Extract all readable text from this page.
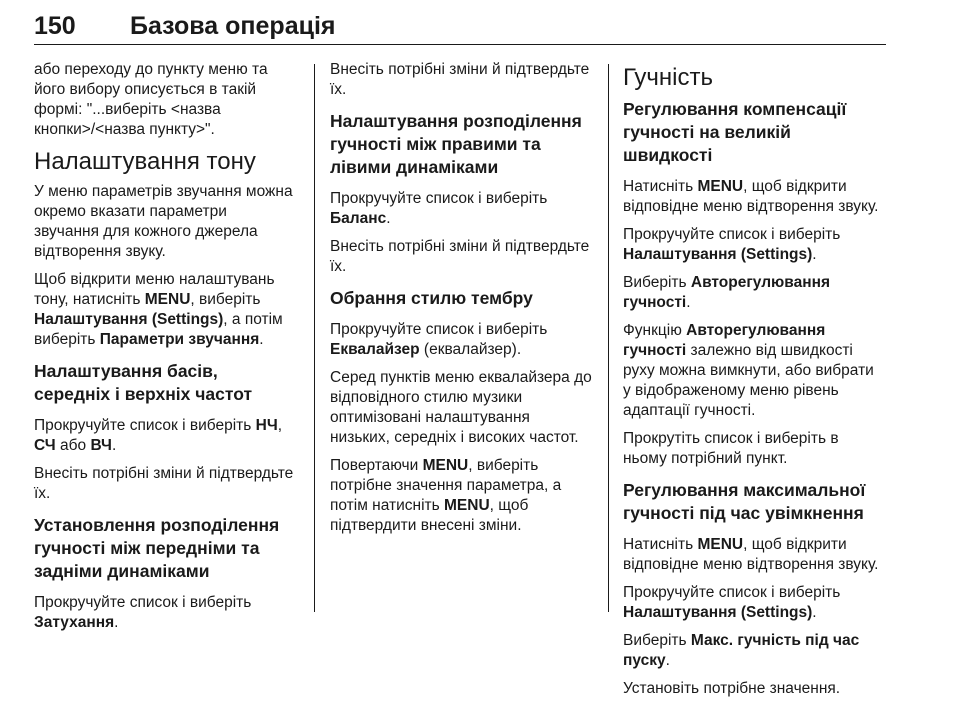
150 Базова операція

або переходу до пункту меню та його вибору описується в такій формі: "...виберіть <назва кнопки>/<назва пункту>".

Налаштування тону

У меню параметрів звучання можна окремо вказати параметри звучання для кожного джерела відтворення звуку.

Щоб відкрити меню налаштувань тону, натисніть MENU, виберіть Налаштування (Settings), а потім виберіть Параметри звучання.

Налаштування басів, середніх і верхніх частот

Прокручуйте список і виберіть НЧ, СЧ або ВЧ.

Внесіть потрібні зміни й підтвердьте їх.

Установлення розподілення гучності між передніми та задніми динаміками

Прокручуйте список і виберіть Затухання.

Внесіть потрібні зміни й підтвердьте їх.

Налаштування розподілення гучності між правими та лівими динаміками

Прокручуйте список і виберіть Баланс.

Внесіть потрібні зміни й підтвердьте їх.

Обрання стилю тембру

Прокручуйте список і виберіть Еквалайзер (еквалайзер).

Серед пунктів меню еквалайзера до відповідного стилю музики оптимізовані налаштування низьких, середніх і високих частот.

Повертаючи MENU, виберіть потрібне значення параметра, а потім натисніть MENU, щоб підтвердити внесені зміни.

Гучність
Регулювання компенсації гучності на великій швидкості

Натисніть MENU, щоб відкрити відповідне меню відтворення звуку.

Прокручуйте список і виберіть Налаштування (Settings).

Виберіть Авторегулювання гучності.

Функцію Авторегулювання гучності залежно від швидкості руху можна вимкнути, або вибрати у відображеному меню рівень адаптації гучності.

Прокрутіть список і виберіть в ньому потрібний пункт.

Регулювання максимальної гучності під час увімкнення

Натисніть MENU, щоб відкрити відповідне меню відтворення звуку.

Прокручуйте список і виберіть Налаштування (Settings).

Виберіть Макс. гучність під час пуску.

Установіть потрібне значення.
